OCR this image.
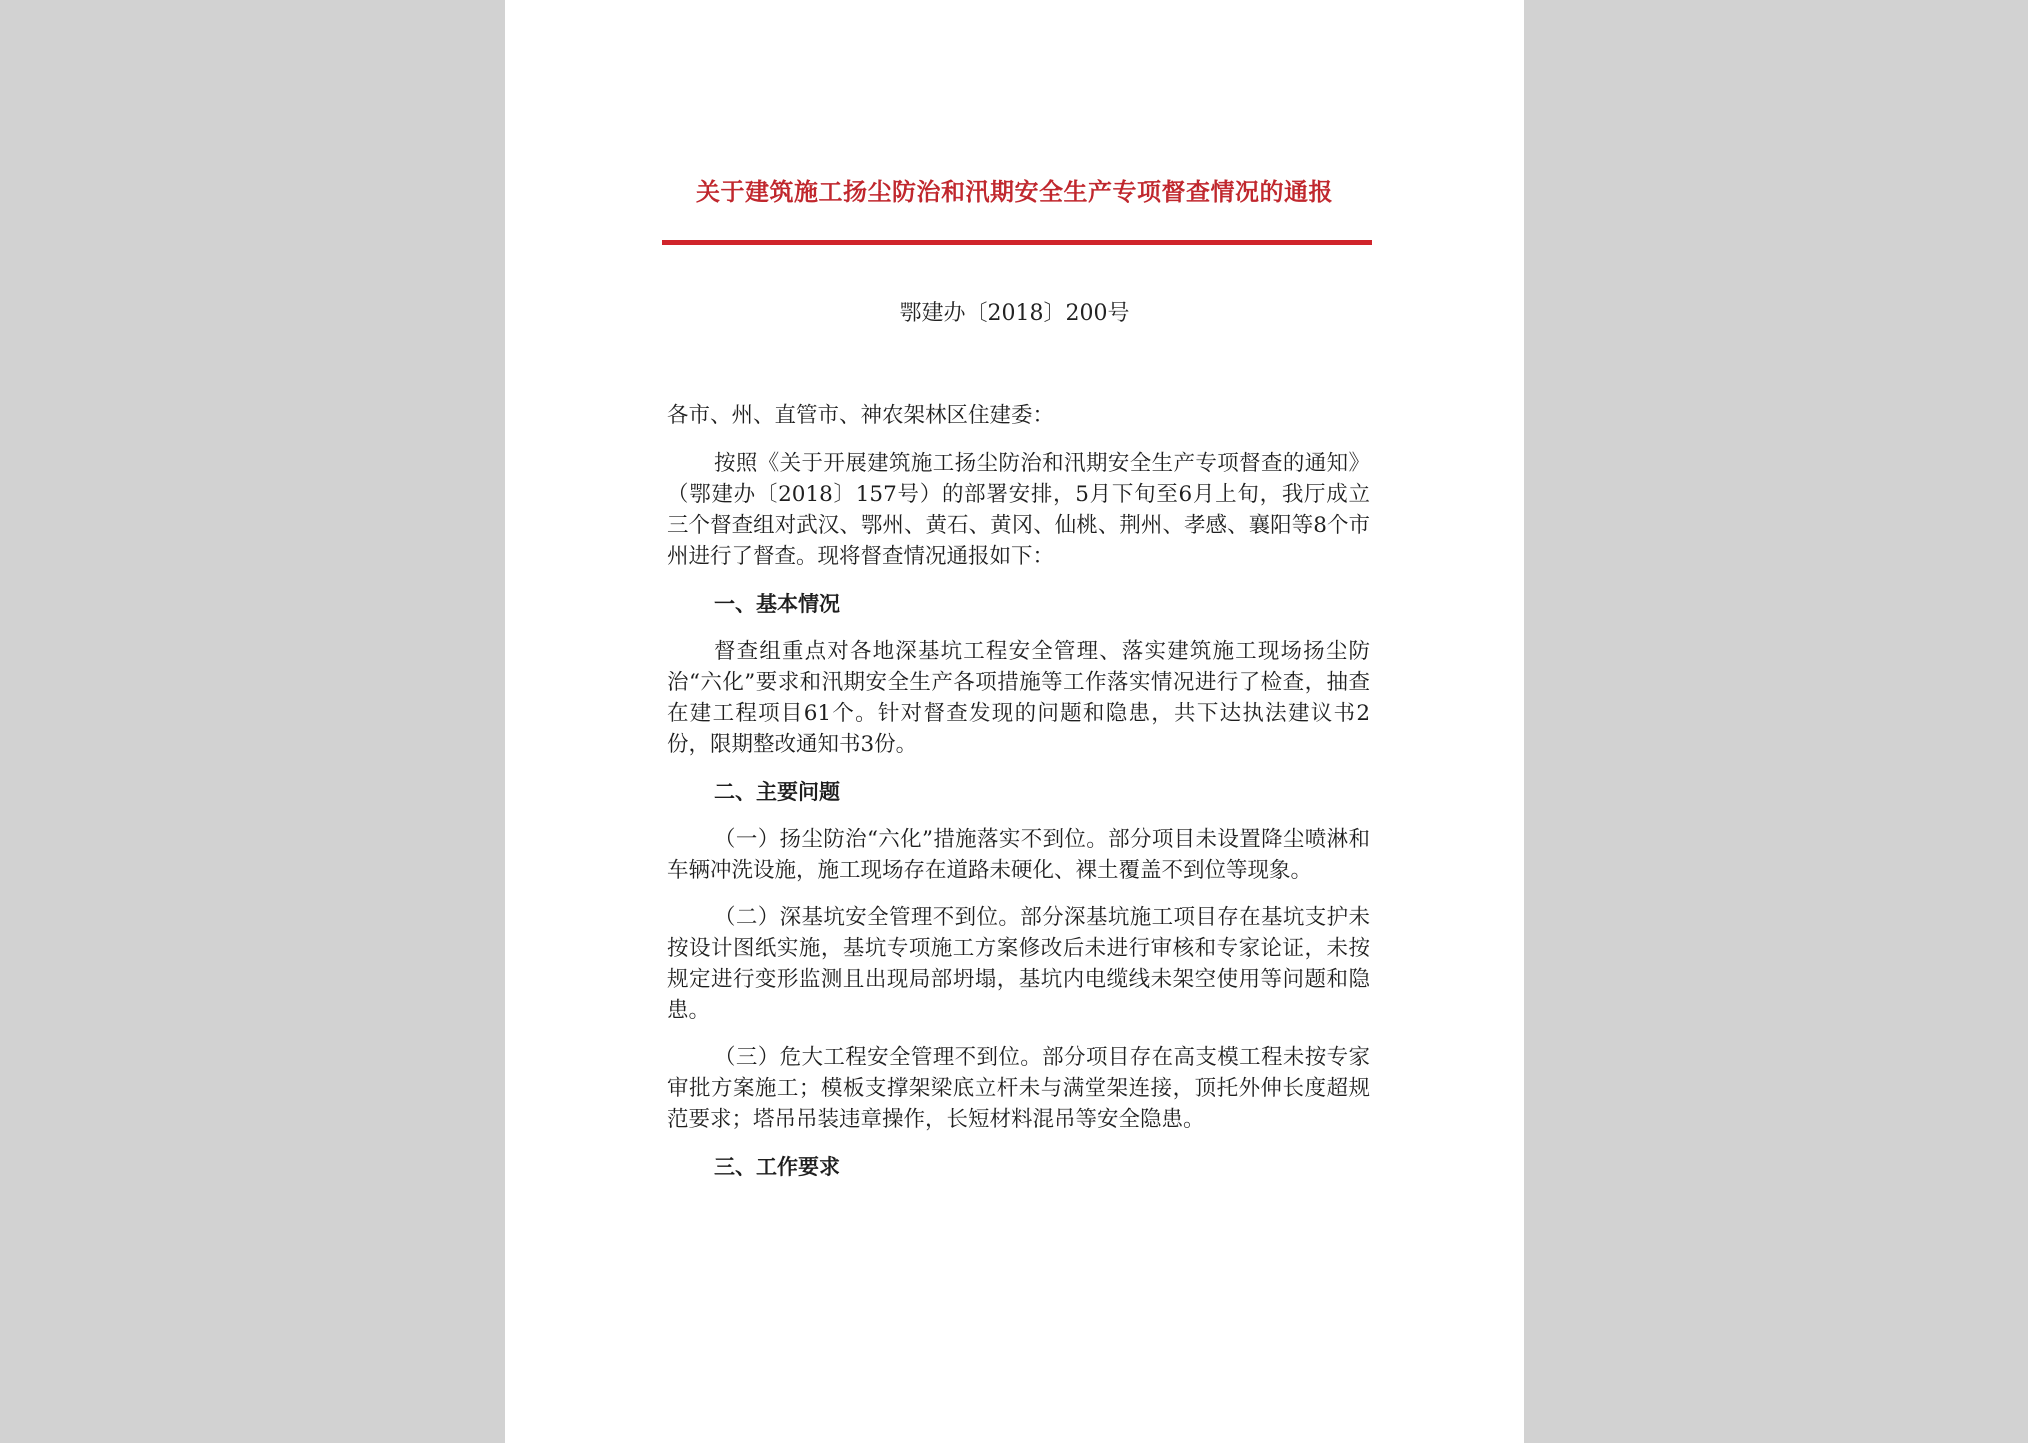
关于建筑施工扬尘防治和汛期安全生产专项督查情况的通报
鄂建办〔2018〕200号

各市、州、直管市、神农架林区住建委：

按照《关于开展建筑施工扬尘防治和汛期安全生产专项督查的通知》（鄂建办〔2018〕157号）的部署安排，5月下旬至6月上旬，我厅成立三个督查组对武汉、鄂州、黄石、黄冈、仙桃、荆州、孝感、襄阳等8个市州进行了督查。现将督查情况通报如下：

一、基本情况

督查组重点对各地深基坑工程安全管理、落实建筑施工现场扬尘防治“六化”要求和汛期安全生产各项措施等工作落实情况进行了检查，抽查在建工程项目61个。针对督查发现的问题和隐患，共下达执法建议书2份，限期整改通知书3份。

二、主要问题

（一）扬尘防治“六化”措施落实不到位。部分项目未设置降尘喷淋和车辆冲洗设施，施工现场存在道路未硬化、裸土覆盖不到位等现象。

（二）深基坑安全管理不到位。部分深基坑施工项目存在基坑支护未按设计图纸实施，基坑专项施工方案修改后未进行审核和专家论证，未按规定进行变形监测且出现局部坍塌，基坑内电缆线未架空使用等问题和隐患。

（三）危大工程安全管理不到位。部分项目存在高支模工程未按专家审批方案施工；模板支撑架梁底立杆未与满堂架连接，顶托外伸长度超规范要求；塔吊吊装违章操作，长短材料混吊等安全隐患。

三、工作要求
